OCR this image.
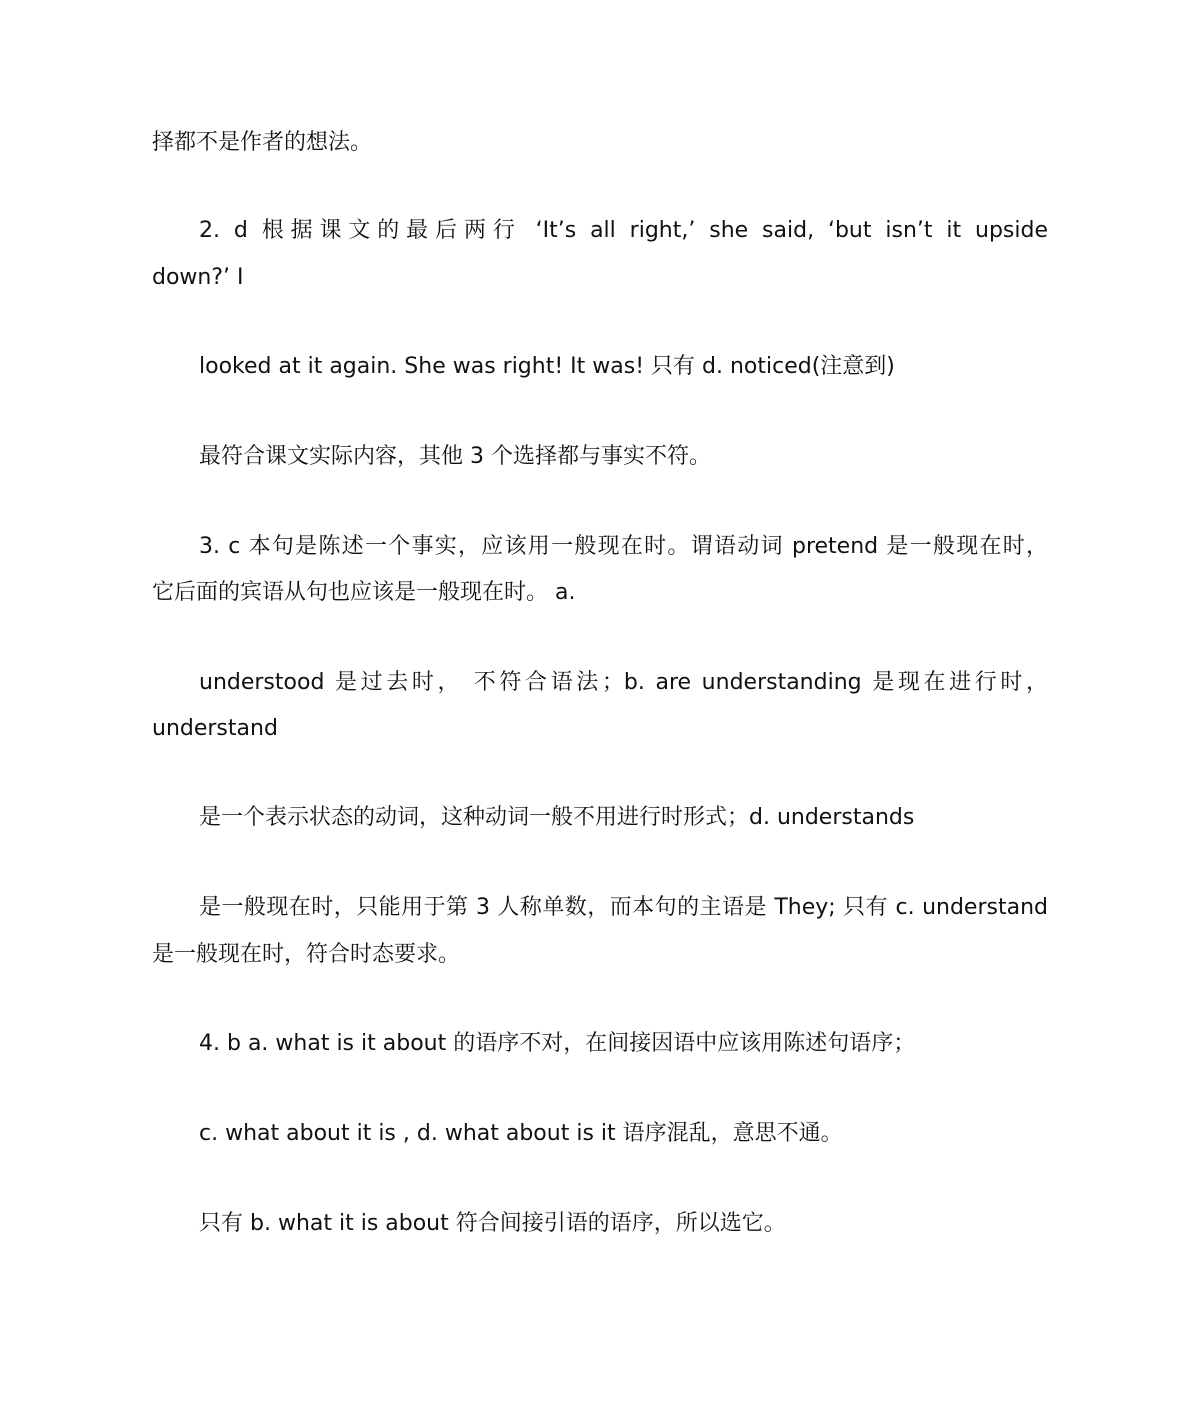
择都不是作者的想法。

2. d 根据课文的最后两行 ‘It’s all right,’ she said, ‘but isn’t it upside

down?’ I

looked at it again. She was right! It was! 只有 d. noticed(注意到)

最符合课文实际内容，其他 3 个选择都与事实不符。

3. c 本句是陈述一个事实，应该用一般现在时。谓语动词 pretend 是一般现在时，

它后面的宾语从句也应该是一般现在时。 a.

understood 是过去时， 不符合语法；b. are understanding 是现在进行时，

understand

是一个表示状态的动词，这种动词一般不用进行时形式；d. understands

是一般现在时，只能用于第 3 人称单数，而本句的主语是 They; 只有 c. understand

是一般现在时，符合时态要求。

4. b a. what is it about 的语序不对，在间接因语中应该用陈述句语序；

c. what about it is , d. what about is it 语序混乱，意思不通。

只有 b. what it is about 符合间接引语的语序，所以选它。
